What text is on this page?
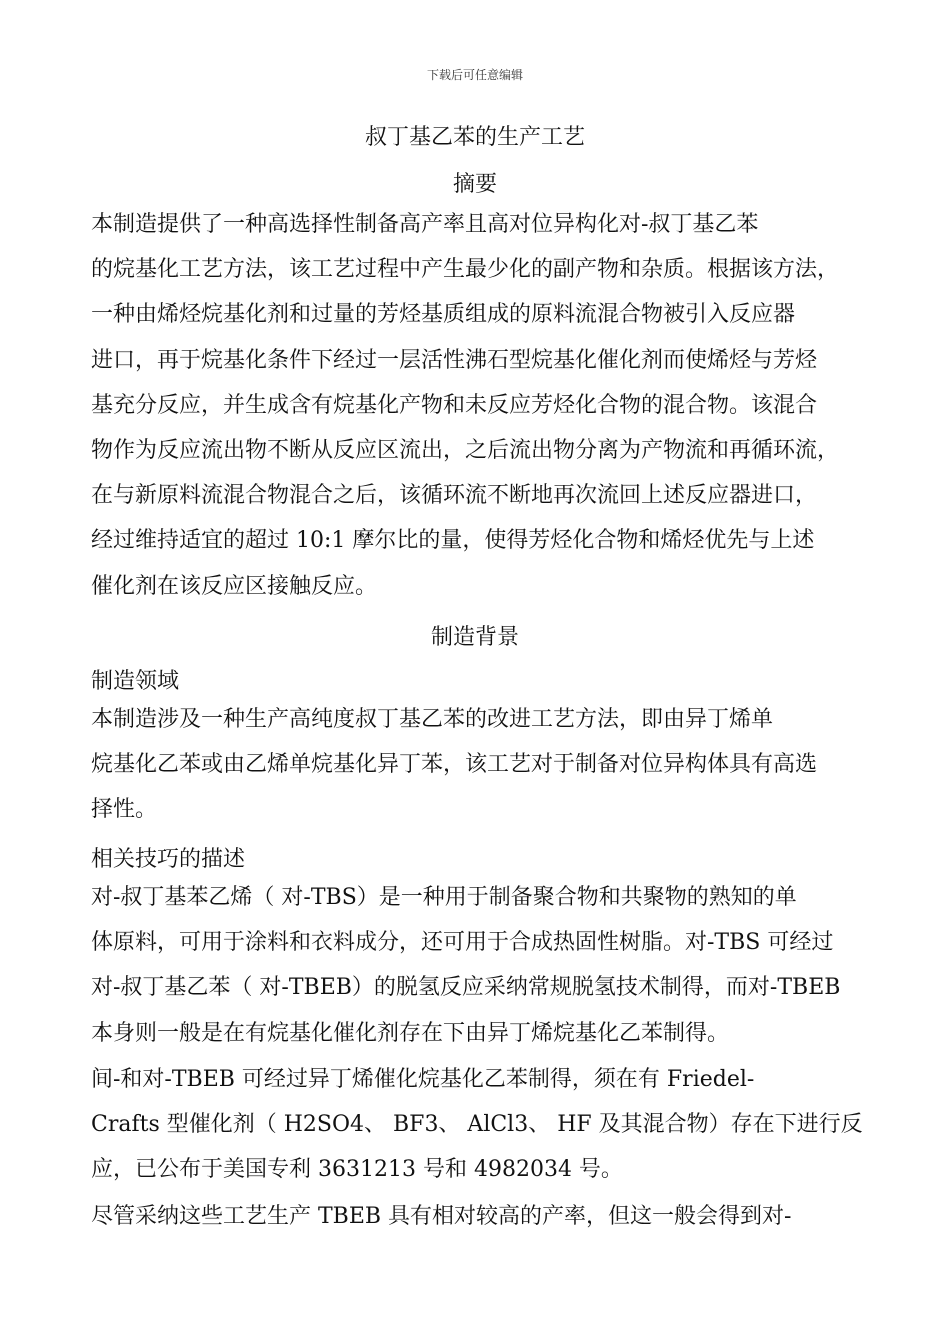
下载后可任意编辑
叔丁基乙苯的生产工艺
摘要
本制造提供了一种高选择性制备高产率且高对位异构化对-叔丁基乙苯
的烷基化工艺方法，该工艺过程中产生最少化的副产物和杂质。根据该方法，
一种由烯烃烷基化剂和过量的芳烃基质组成的原料流混合物被引入反应器
进口，再于烷基化条件下经过一层活性沸石型烷基化催化剂而使烯烃与芳烃
基充分反应，并生成含有烷基化产物和未反应芳烃化合物的混合物。该混合
物作为反应流出物不断从反应区流出，之后流出物分离为产物流和再循环流，
在与新原料流混合物混合之后，该循环流不断地再次流回上述反应器进口，
经过维持适宜的超过 10:1 摩尔比的量，使得芳烃化合物和烯烃优先与上述
催化剂在该反应区接触反应。
制造背景
制造领域
本制造涉及一种生产高纯度叔丁基乙苯的改进工艺方法，即由异丁烯单
烷基化乙苯或由乙烯单烷基化异丁苯，该工艺对于制备对位异构体具有高选
择性。
相关技巧的描述
对-叔丁基苯乙烯（ 对-TBS）是一种用于制备聚合物和共聚物的熟知的单
体原料，可用于涂料和衣料成分，还可用于合成热固性树脂。对-TBS 可经过
对-叔丁基乙苯（ 对-TBEB）的脱氢反应采纳常规脱氢技术制得，而对-TBEB
本身则一般是在有烷基化催化剂存在下由异丁烯烷基化乙苯制得。
间-和对-TBEB 可经过异丁烯催化烷基化乙苯制得，须在有 Friedel-
Crafts 型催化剂（ H2SO4、 BF3、 AlCl3、 HF 及其混合物）存在下进行反
应，已公布于美国专利 3631213 号和 4982034 号。
尽管采纳这些工艺生产 TBEB 具有相对较高的产率，但这一般会得到对-
